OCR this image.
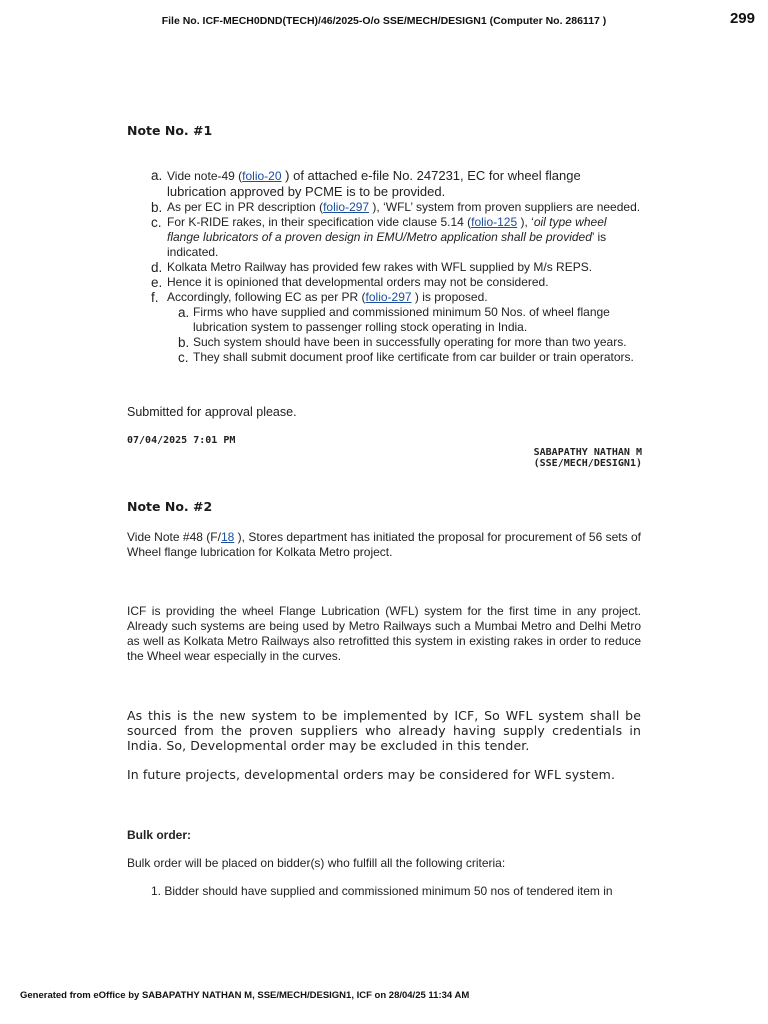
File No. ICF-MECH0DND(TECH)/46/2025-O/o SSE/MECH/DESIGN1 (Computer No. 286117 )	299
Note No. #1
a. Vide note-49 (folio-20 ) of attached e-file No. 247231, EC for wheel flange lubrication approved by PCME is to be provided.
b. As per EC in PR description (folio-297 ), ‘WFL’ system from proven suppliers are needed.
c. For K-RIDE rakes, in their specification vide clause 5.14 (folio-125 ), ‘oil type wheel flange lubricators of a proven design in EMU/Metro application shall be provided’ is indicated.
d. Kolkata Metro Railway has provided few rakes with WFL supplied by M/s REPS.
e. Hence it is opinioned that developmental orders may not be considered.
f. Accordingly, following EC as per PR (folio-297 ) is proposed.
a. Firms who have supplied and commissioned minimum 50 Nos. of wheel flange lubrication system to passenger rolling stock operating in India.
b. Such system should have been in successfully operating for more than two years.
c. They shall submit document proof like certificate from car builder or train operators.
Submitted for approval please.
07/04/2025 7:01 PM
SABAPATHY NATHAN M
(SSE/MECH/DESIGN1)
Note No. #2

Vide Note #48 (F/18 ), Stores department has initiated the proposal for procurement of 56 sets of Wheel flange lubrication for Kolkata Metro project.

ICF is providing the wheel Flange Lubrication (WFL) system for the first time in any project. Already such systems are being used by Metro Railways such a Mumbai Metro and Delhi Metro as well as Kolkata Metro Railways also retrofitted this system in existing rakes in order to reduce the Wheel wear especially in the curves.

As this is the new system to be implemented by ICF, So WFL system shall be sourced from the proven suppliers who already having supply credentials in India. So, Developmental order may be excluded in this tender.

In future projects, developmental orders may be considered for WFL system.

Bulk order:
Bulk order will be placed on bidder(s) who fulfill all the following criteria:
1. Bidder should have supplied and commissioned minimum 50 nos of tendered item in
Generated from eOffice by SABAPATHY NATHAN M, SSE/MECH/DESIGN1, ICF on 28/04/25 11:34 AM
